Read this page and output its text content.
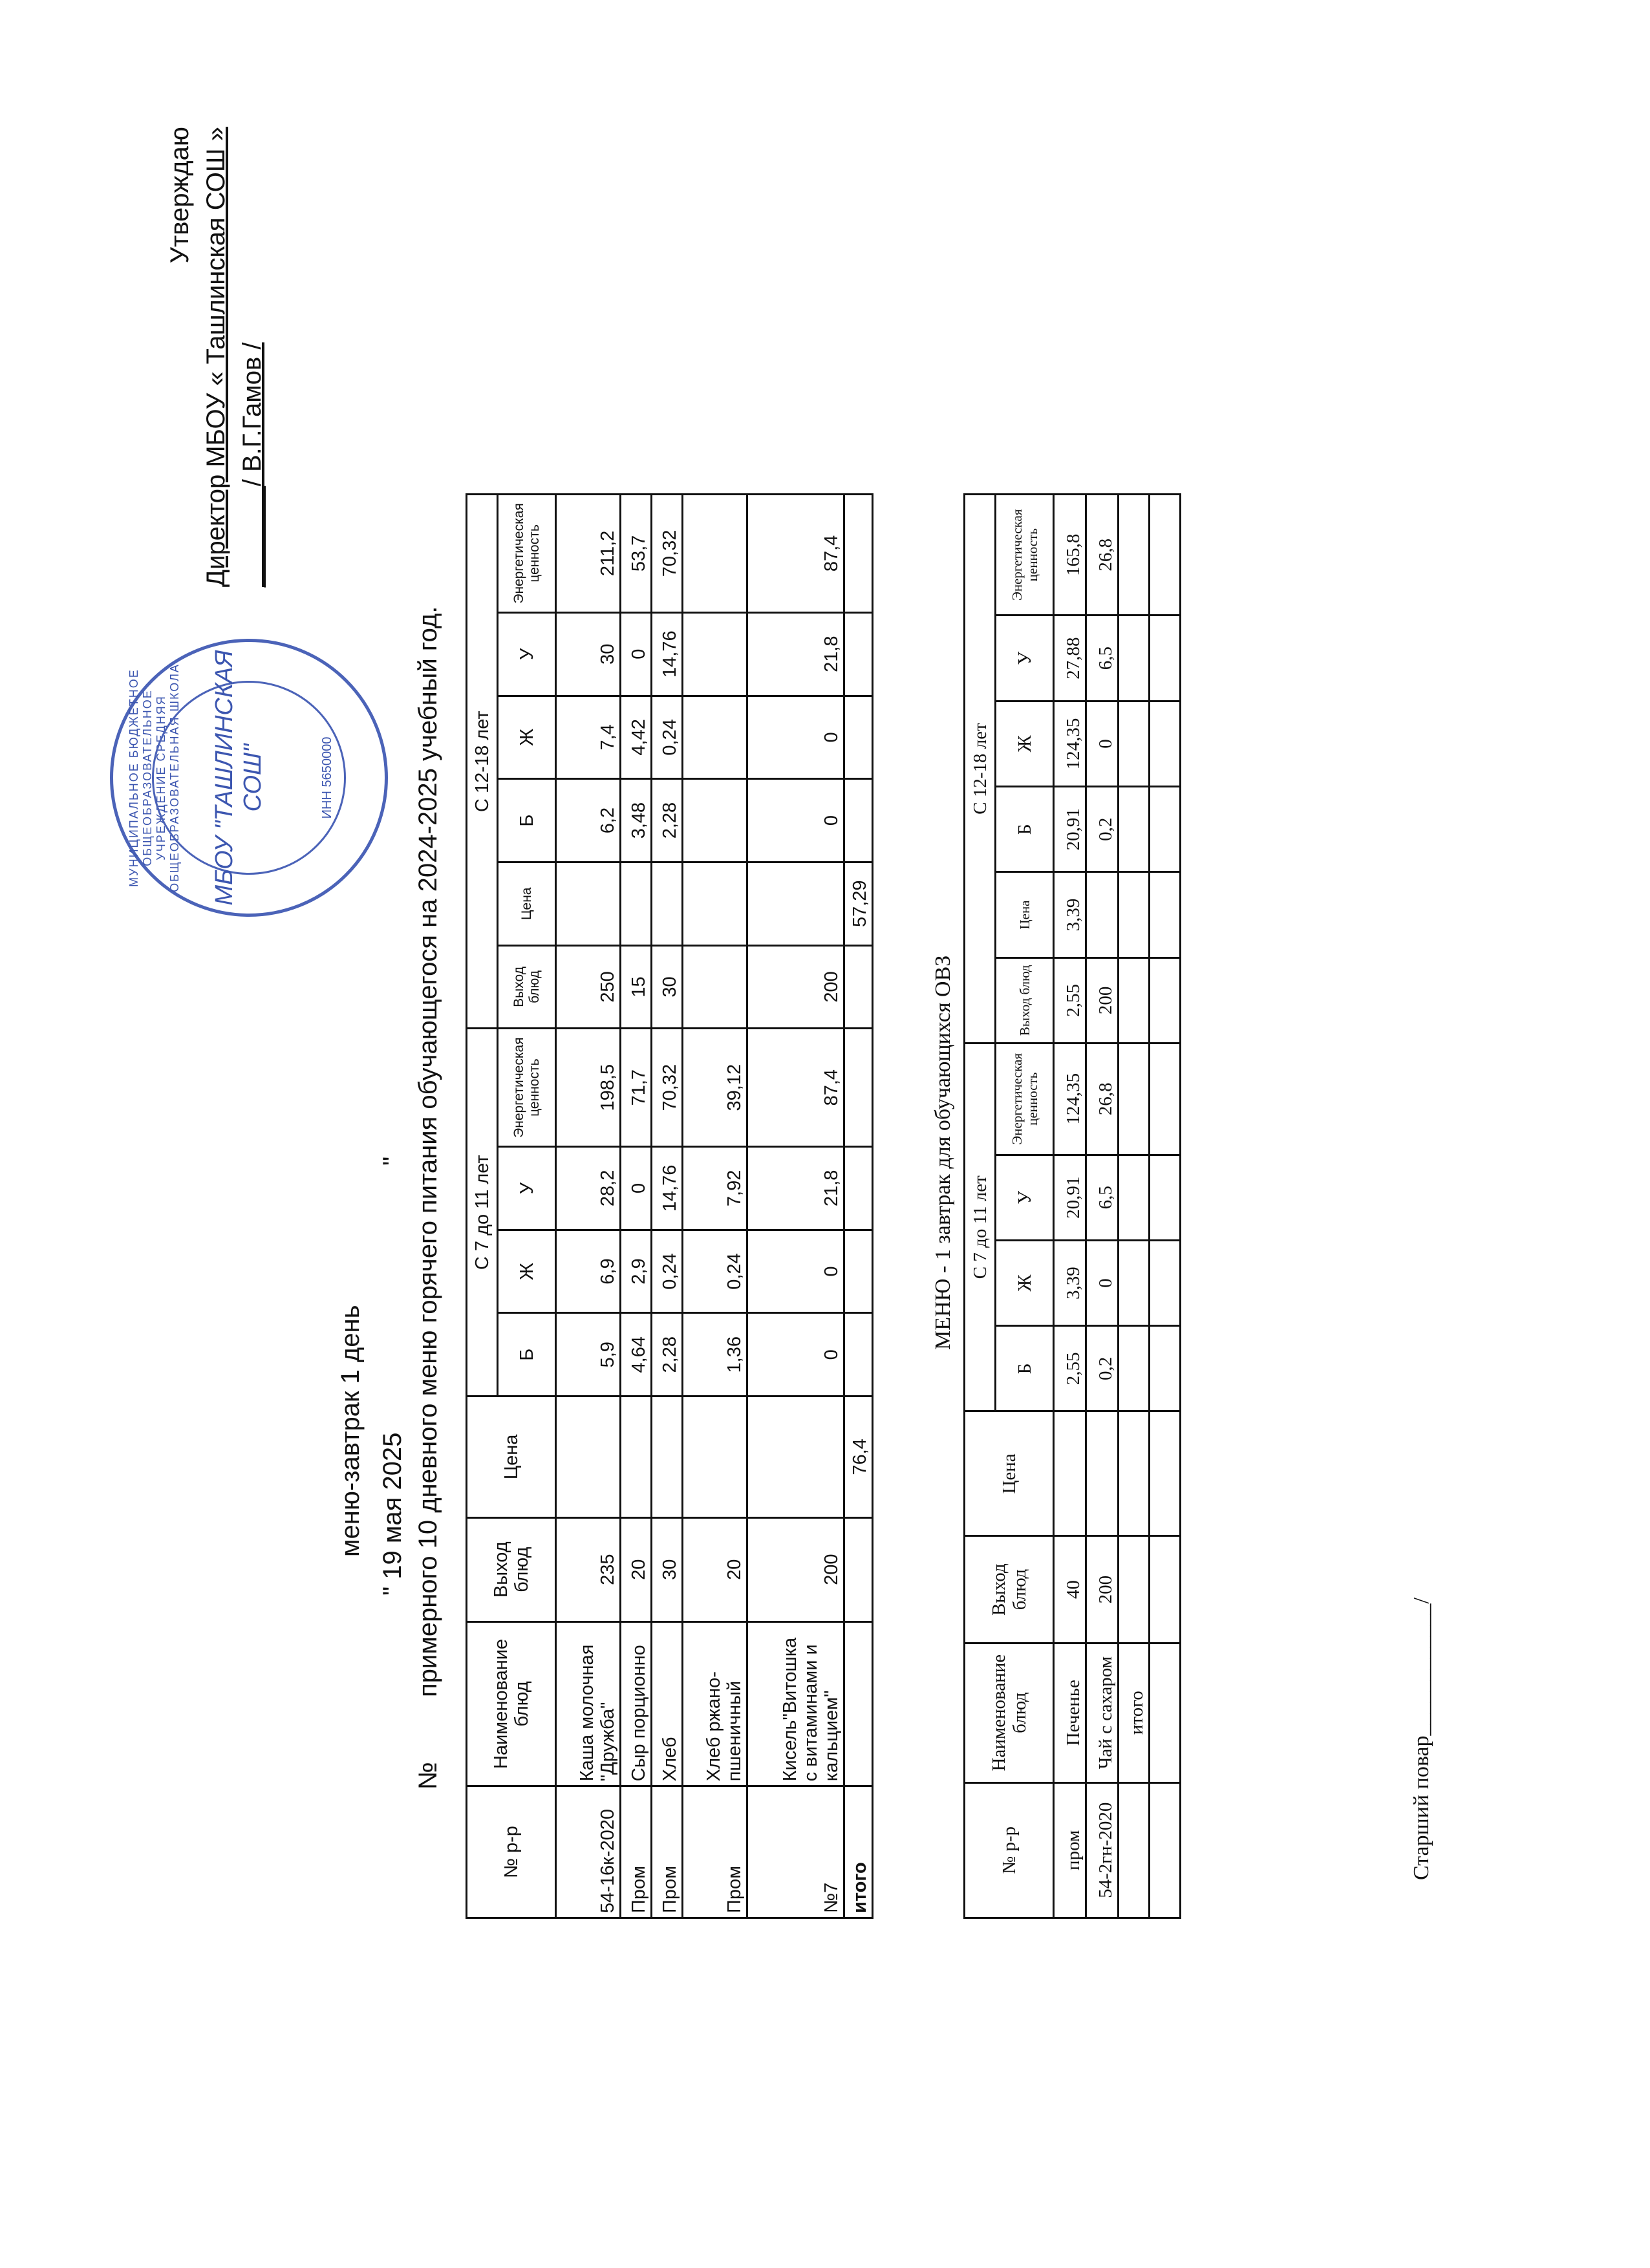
Утверждаю Директор МБОУ « Ташлинская СОШ » _______/ В.Г.Гамов /
МУНИЦИПАЛЬНОЕ БЮДЖЕТНОЕ ОБЩЕОБРАЗОВАТЕЛЬНОЕ УЧРЕЖДЕНИЕ СРЕДНЯЯ ОБЩЕОБРАЗОВАТЕЛЬНАЯ ШКОЛА МБОУ "ТАШЛИНСКАЯ СОШ"	ИНН 5650000
меню-завтрак 1 день " 19 мая 2025
"
№         примерного 10 дневного меню горячего питания обучающегося на 2024-2025 учебный год.
№ р-р	Наименование блюд	Выход блюд	Цена	С 7 до 11 лет				С 12-18 лет					
				Б	Ж	У	Энергетическая ценность	Выход блюд	Цена	Б	Ж	У	Энергетическая ценность
54-16к-2020	Каша молочная "Дружба"	235		5,9	6,9	28,2	198,5	250		6,2	7,4	30	211,2
Пром	Сыр порционно	20		4,64	2,9	0	71,7	15		3,48	4,42	0	53,7
Пром	Хлеб	30		2,28	0,24	14,76	70,32	30		2,28	0,24	14,76	70,32
Пром	Хлеб ржано-пшеничный	20		1,36	0,24	7,92	39,12						
№7	Кисель"Витошка с витаминами и кальцием"	200		0	0	21,8	87,4	200		0	0	21,8	87,4
итого			76,4						57,29				
МЕНЮ - 1 завтрак для обучающихся ОВЗ
№ р-р	Наименование блюд	Выход блюд	Цена	С 7 до 11 лет				С 12-18 лет					
				Б	Ж	У	Энергетическая ценность	Выход блюд	Цена	Б	Ж	У	Энергетическая ценность
пром	Печенье	40		2,55	3,39	20,91	124,35	2,55	3,39	20,91	124,35	27,88	165,8
54-2гн-2020	Чай с сахаром	200		0,2	0	6,5	26,8	200		0,2	0	6,5	26,8
	итого												
														Старший повар____________/
